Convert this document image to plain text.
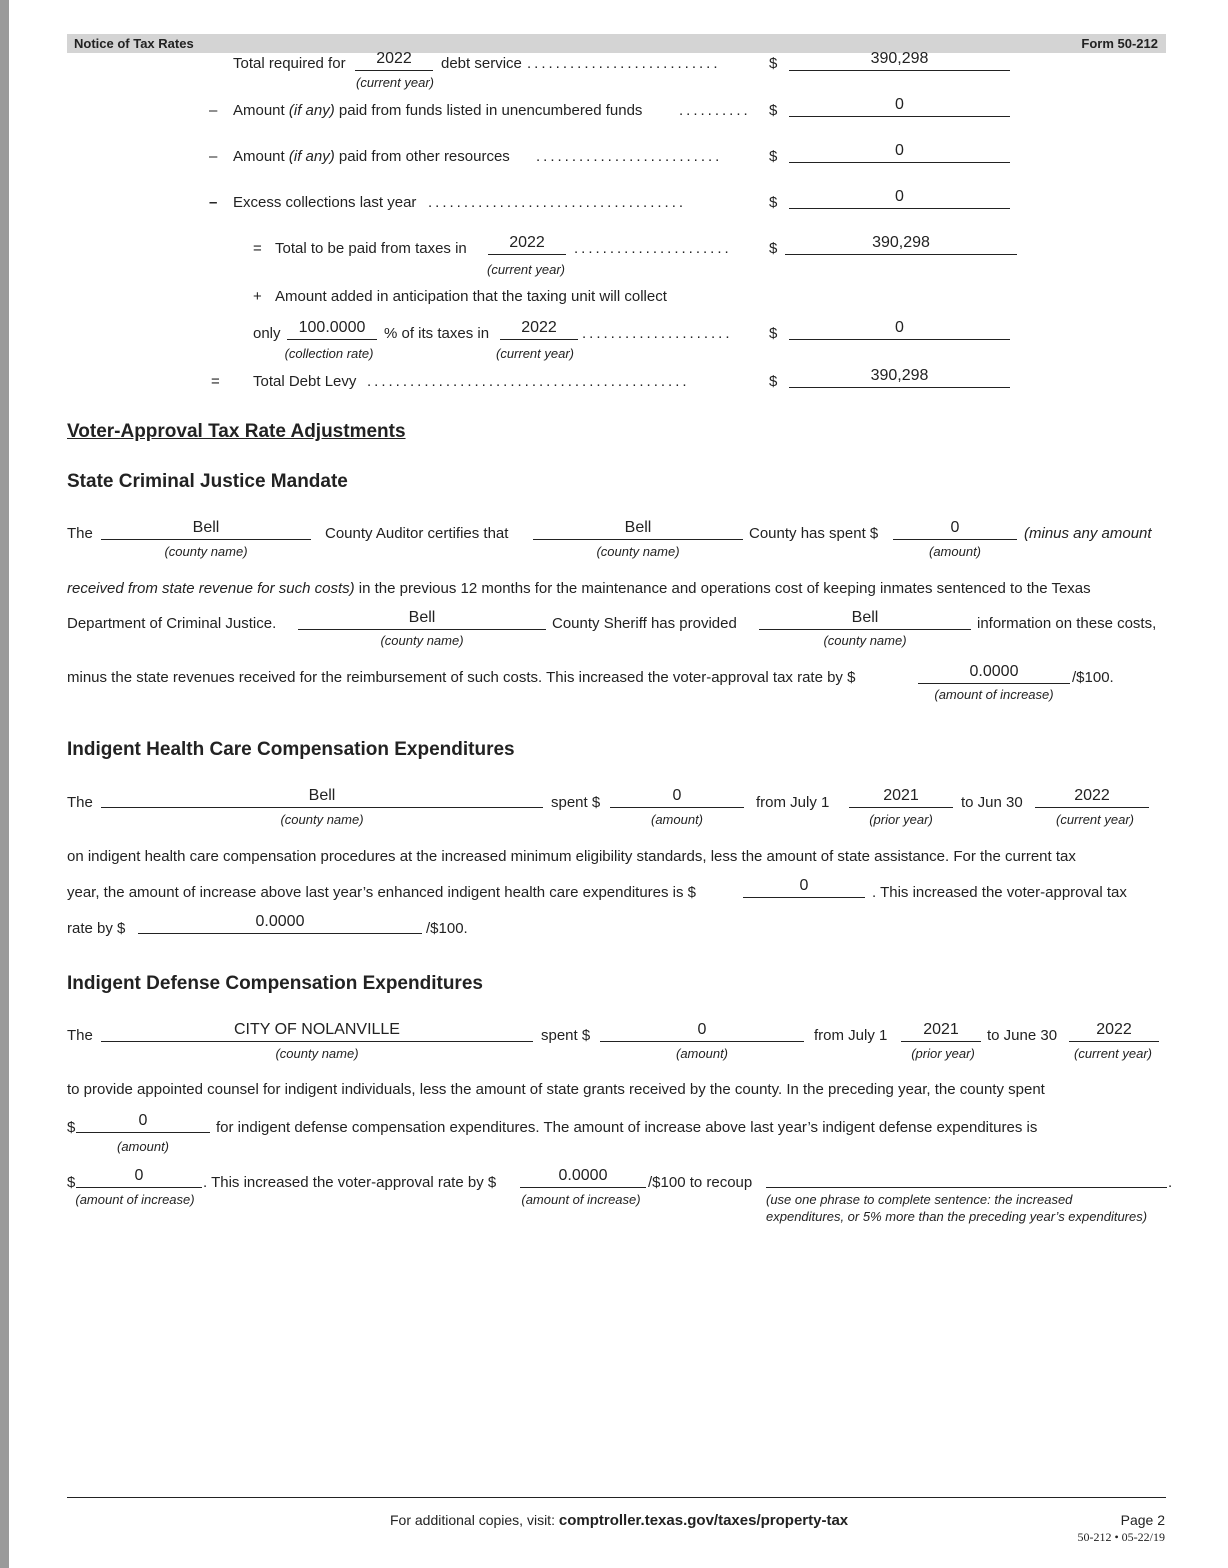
Notice of Tax Rates	Form 50-212
Total required for	2022	debt service ...........................	$	390,298
(current year)
– Amount (if any) paid from funds listed in unencumbered funds .......... $	0
– Amount (if any) paid from other resources ..........................	$	0
– Excess collections last year ....................................	$	0
= Total to be paid from taxes in	2022	...................... $	390,298
(current year)
+ Amount added in anticipation that the taxing unit will collect
only	100.0000	% of its taxes in	2022	..................... $	0
(collection rate)	(current year)
= Total Debt Levy .............................................	$	390,298
Voter-Approval Tax Rate Adjustments
State Criminal Justice Mandate
The	Bell	County Auditor certifies that	Bell	County has spent $	0	(minus any amount
(county name)	(county name)	(amount)
received from state revenue for such costs) in the previous 12 months for the maintenance and operations cost of keeping inmates sentenced to the Texas
Department of Criminal Justice.	Bell	County Sheriff has provided	Bell	information on these costs,
(county name)	(county name)
minus the state revenues received for the reimbursement of such costs. This increased the voter-approval tax rate by $	0.0000	/$100.
(amount of increase)
Indigent Health Care Compensation Expenditures
The	Bell	spent $	0	from July 1	2021	to Jun 30	2022
(county name)	(amount)	(prior year)	(current year)
on indigent health care compensation procedures at the increased minimum eligibility standards, less the amount of state assistance. For the current tax
year, the amount of increase above last year’s enhanced indigent health care expenditures is $	0	. This increased the voter-approval tax
rate by $	0.0000	/$100.
Indigent Defense Compensation Expenditures
The	CITY OF NOLANVILLE	spent $	0	from July 1	2021	to June 30	2022
(county name)	(amount)	(prior year)	(current year)
to provide appointed counsel for indigent individuals, less the amount of state grants received by the county. In the preceding year, the county spent
$	0	for indigent defense compensation expenditures. The amount of increase above last year’s indigent defense expenditures is
(amount)
$	0	. This increased the voter-approval rate by $	0.0000	/$100 to recoup	.
(amount of increase)	(amount of increase)	(use one phrase to complete sentence: the increased
expenditures, or 5% more than the preceding year’s expenditures)
For additional copies, visit: comptroller.texas.gov/taxes/property-tax	Page 2
50-212 • 05-22/19
